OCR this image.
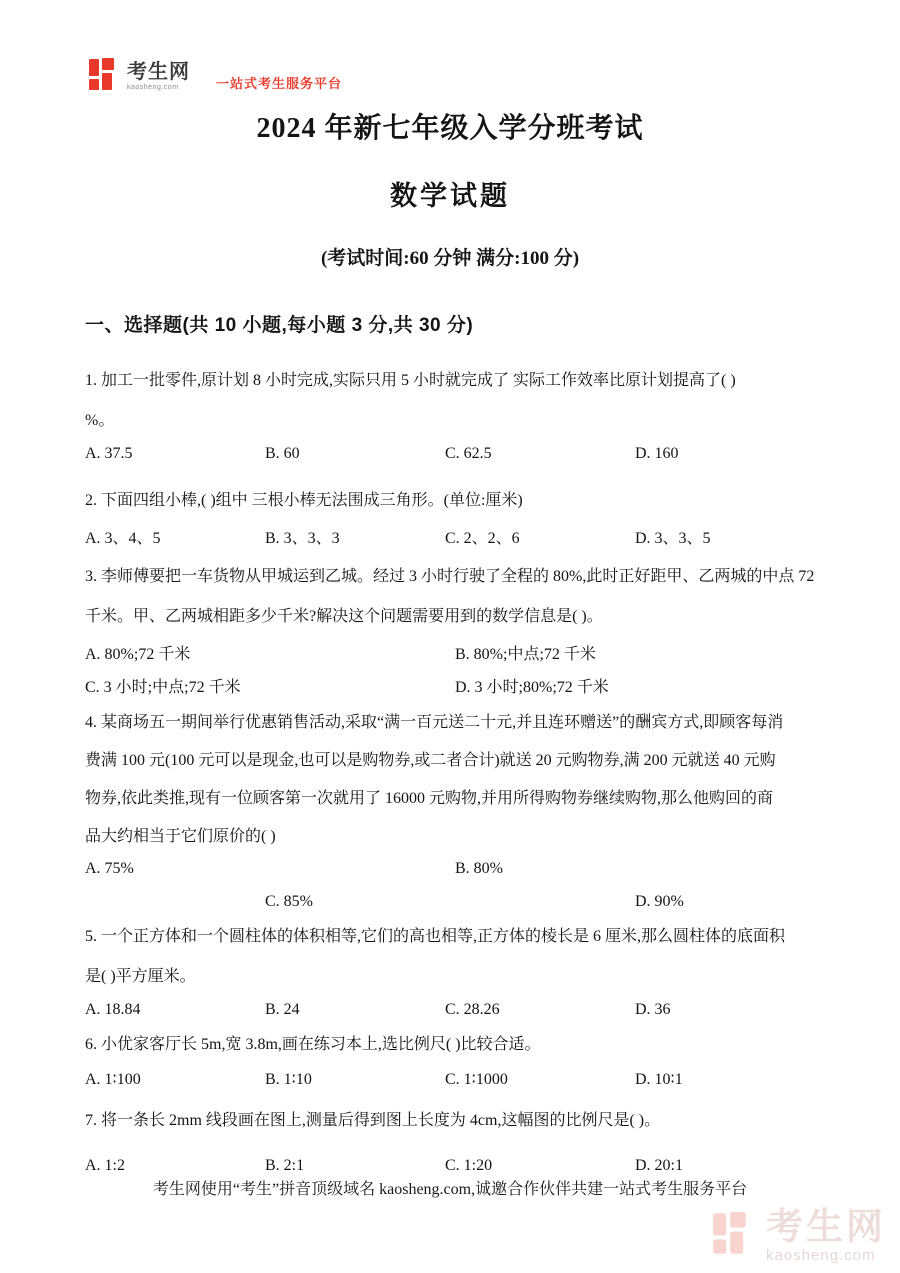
考生网
kaosheng.com	一站式考生服务平台
2024 年新七年级入学分班考试
数学试题
(考试时间:60 分钟 满分:100 分)
一、选择题(共 10 小题,每小题 3 分,共 30 分)

1. 加工一批零件,原计划 8 小时完成,实际只用 5 小时就完成了 实际工作效率比原计划提高了( )

%。

A. 37.5	B. 60	C. 62.5	D. 160

2. 下面四组小棒,( )组中 三根小棒无法围成三角形。(单位:厘米)

A. 3、4、5	B. 3、3、3	C. 2、2、6	D. 3、3、5

3. 李师傅要把一车货物从甲城运到乙城。经过 3 小时行驶了全程的 80%,此时正好距甲、乙两城的中点 72

千米。甲、乙两城相距多少千米?解决这个问题需要用到的数学信息是( )。

A. 80%;72 千米	B. 80%;中点;72 千米
C. 3 小时;中点;72 千米	D. 3 小时;80%;72 千米

4. 某商场五一期间举行优惠销售活动,采取“满一百元送二十元,并且连环赠送”的酬宾方式,即顾客每消

费满 100 元(100 元可以是现金,也可以是购物券,或二者合计)就送 20 元购物券,满 200 元就送 40 元购

物券,依此类推,现有一位顾客第一次就用了 16000 元购物,并用所得购物券继续购物,那么他购回的商

品大约相当于它们原价的( )

A. 75%	B. 80%
C. 85%	D. 90%

5. 一个正方体和一个圆柱体的体积相等,它们的高也相等,正方体的棱长是 6 厘米,那么圆柱体的底面积

是( )平方厘米。

A. 18.84	B. 24	C. 28.26	D. 36

6. 小优家客厅长 5m,宽 3.8m,画在练习本上,选比例尺( )比较合适。

A. 1∶100	B. 1∶10	C. 1∶1000	D. 10∶1

7. 将一条长 2mm 线段画在图上,测量后得到图上长度为 4cm,这幅图的比例尺是( )。

A. 1:2	B. 2:1	C. 1:20	D. 20:1
考生网使用“考生”拼音顶级域名 kaosheng.com,诚邀合作伙伴共建一站式考生服务平台
考生网
kaosheng.com
